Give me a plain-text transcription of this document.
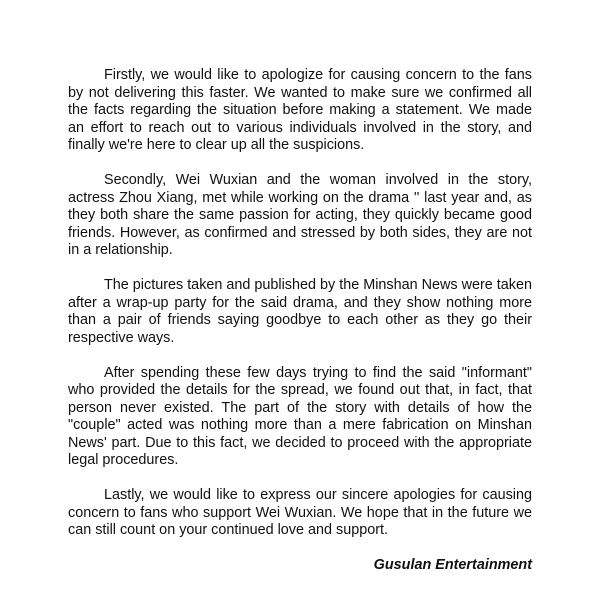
Firstly, we would like to apologize for causing concern to the fans by not delivering this faster. We wanted to make sure we confirmed all the facts regarding the situation before making a statement. We made an effort to reach out to various individuals involved in the story, and finally we're here to clear up all the suspicions.

Secondly, Wei Wuxian and the woman involved in the story, actress Zhou Xiang, met while working on the drama '' last year and, as they both share the same passion for acting, they quickly became good friends. However, as confirmed and stressed by both sides, they are not in a relationship.

The pictures taken and published by the Minshan News were taken after a wrap-up party for the said drama, and they show nothing more than a pair of friends saying goodbye to each other as they go their respective ways.

After spending these few days trying to find the said "informant" who provided the details for the spread, we found out that, in fact, that person never existed. The part of the story with details of how the "couple" acted was nothing more than a mere fabrication on Minshan News' part. Due to this fact, we decided to proceed with the appropriate legal procedures.

Lastly, we would like to express our sincere apologies for causing concern to fans who support Wei Wuxian. We hope that in the future we can still count on your continued love and support.

Gusulan Entertainment
